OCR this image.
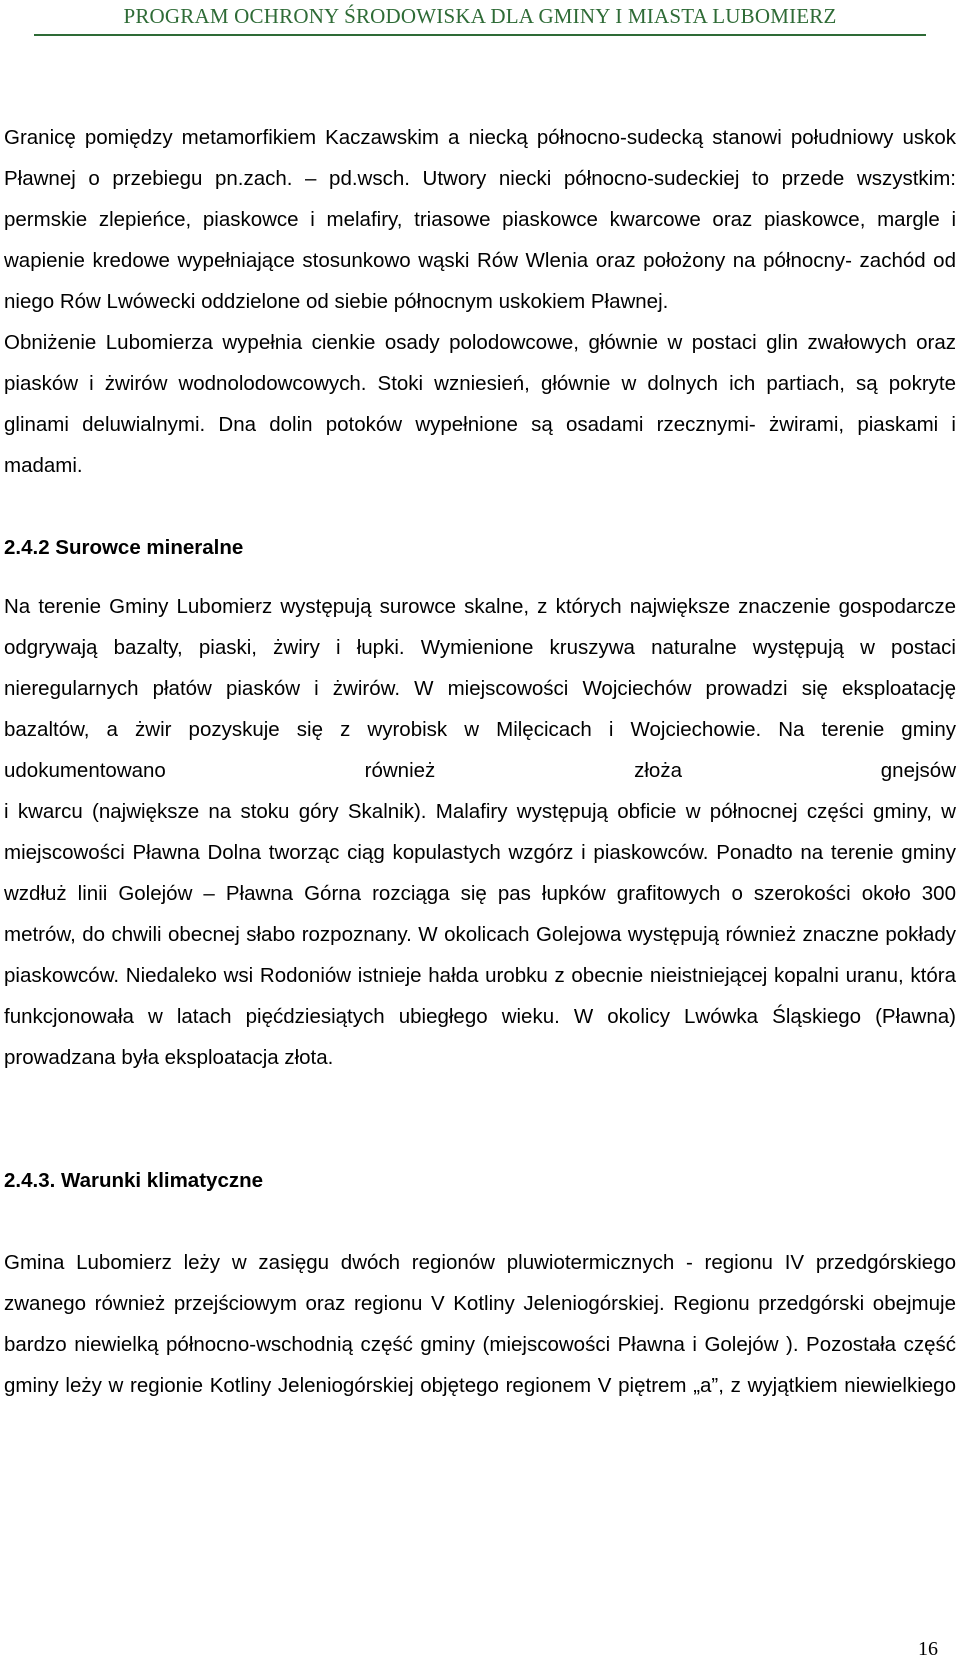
PROGRAM OCHRONY ŚRODOWISKA DLA GMINY I MIASTA LUBOMIERZ

Granicę pomiędzy metamorfikiem Kaczawskim a niecką północno-sudecką stanowi południowy uskok Pławnej o przebiegu pn.zach. – pd.wsch. Utwory niecki północno-sudeckiej to przede wszystkim: permskie zlepieńce, piaskowce i melafiry, triasowe piaskowce kwarcowe oraz piaskowce, margle i wapienie kredowe wypełniające stosunkowo wąski Rów Wlenia oraz położony na północny- zachód od niego Rów Lwówecki oddzielone od siebie północnym uskokiem Pławnej.

Obniżenie Lubomierza wypełnia cienkie osady polodowcowe, głównie w postaci glin zwałowych oraz piasków i żwirów wodnolodowcowych. Stoki wzniesień, głównie w dolnych ich partiach, są pokryte glinami deluwialnymi. Dna dolin potoków wypełnione są osadami rzecznymi- żwirami, piaskami i madami.

2.4.2 Surowce mineralne

Na terenie Gminy Lubomierz występują surowce skalne, z których największe znaczenie gospodarcze odgrywają bazalty, piaski, żwiry i łupki. Wymienione kruszywa naturalne występują w postaci nieregularnych płatów piasków i żwirów. W miejscowości Wojciechów prowadzi się eksploatację bazaltów, a żwir pozyskuje się z wyrobisk w Milęcicach i Wojciechowie. Na terenie gminy udokumentowano również złoża gnejsów

i kwarcu (największe na stoku góry Skalnik). Malafiry występują obficie w północnej części gminy, w miejscowości Pławna Dolna tworząc ciąg kopulastych wzgórz i piaskowców. Ponadto na terenie gminy wzdłuż linii Golejów – Pławna Górna rozciąga się pas łupków grafitowych o szerokości około 300 metrów, do chwili obecnej słabo rozpoznany. W okolicach Golejowa występują również znaczne pokłady piaskowców. Niedaleko wsi Rodoniów istnieje hałda urobku z obecnie nieistniejącej kopalni uranu, która funkcjonowała w latach pięćdziesiątych ubiegłego wieku. W okolicy Lwówka Śląskiego (Pławna) prowadzana była eksploatacja złota.

2.4.3. Warunki klimatyczne

Gmina Lubomierz leży w zasięgu dwóch regionów pluwiotermicznych - regionu IV przedgórskiego zwanego również przejściowym oraz regionu V Kotliny Jeleniogórskiej. Regionu przedgórski obejmuje bardzo niewielką północno-wschodnią część gminy (miejscowości Pławna i Golejów ). Pozostała część gminy leży w regionie Kotliny Jeleniogórskiej objętego regionem V piętrem „a”, z wyjątkiem niewielkiego

16
